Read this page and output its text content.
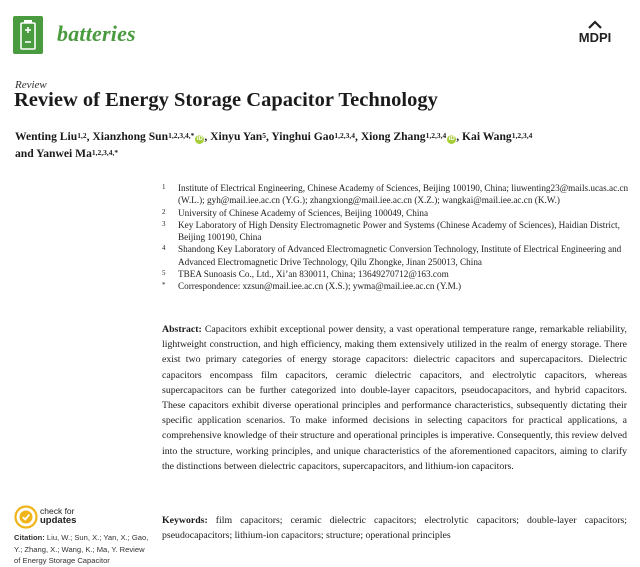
batteries	MDPI
Review
Review of Energy Storage Capacitor Technology
Wenting Liu$^{1,2}$, Xianzhong Sun$^{1,2,3,4,*}$ iD , Xinyu Yan$^5$, Yinghui Gao$^{1,2,3,4}$, Xiong Zhang$^{1,2,3,4}$ iD , Kai Wang$^{1,2,3,4}$ and Yanwei $Ma^{1,2,3,4,*}$
1	Institute of Electrical Engineering, Chinese Academy of Sciences, Beijing 100190, China; liuwenting23@mails.ucas.ac.cn (W.L.); gyh@mail.iee.ac.cn (Y.G.); zhangxiong@mail.iee.ac.cn (X.Z.); wangkai@mail.iee.ac.cn (K.W.)
2	University of Chinese Academy of Sciences, Beijing 100049, China
3	Key Laboratory of High Density Electromagnetic Power and Systems (Chinese Academy of Sciences), Haidian District, Beijing 100190, China
4	Shandong Key Laboratory of Advanced Electromagnetic Conversion Technology, Institute of Electrical Engineering and Advanced Electromagnetic Drive Technology, Qilu Zhongke, Jinan 250013, China
5	TBEA Sunoasis Co., Ltd., Xi’an 830011, China; 13649270712@163.com
*	Correspondence: xzsun@mail.iee.ac.cn (X.S.); ywma@mail.iee.ac.cn (Y.M.)
Abstract: Capacitors exhibit exceptional power density, a vast operational temperature range, remarkable reliability, lightweight construction, and high efficiency, making them extensively utilized in the realm of energy storage. There exist two primary categories of energy storage capacitors: dielectric capacitors and supercapacitors. Dielectric capacitors encompass film capacitors, ceramic dielectric capacitors, and electrolytic capacitors, whereas supercapacitors can be further categorized into double-layer capacitors, pseudocapacitors, and hybrid capacitors. These capacitors exhibit diverse operational principles and performance characteristics, subsequently dictating their specific application scenarios. To make informed decisions in selecting capacitors for practical applications, a comprehensive knowledge of their structure and operational principles is imperative. Consequently, this review delved into the structure, working principles, and unique characteristics of the aforementioned capacitors, aiming to clarify the distinctions between dielectric capacitors, supercapacitors, and lithium-ion capacitors.
Keywords: film capacitors; ceramic dielectric capacitors; electrolytic capacitors; double-layer capacitors; pseudocapacitors; lithium-ion capacitors; structure; operational principles
check for
updates
Citation: Liu, W.; Sun, X.; Yan, X.; Gao, Y.; Zhang, X.; Wang, K.; Ma, Y. Review of Energy Storage Capacitor
